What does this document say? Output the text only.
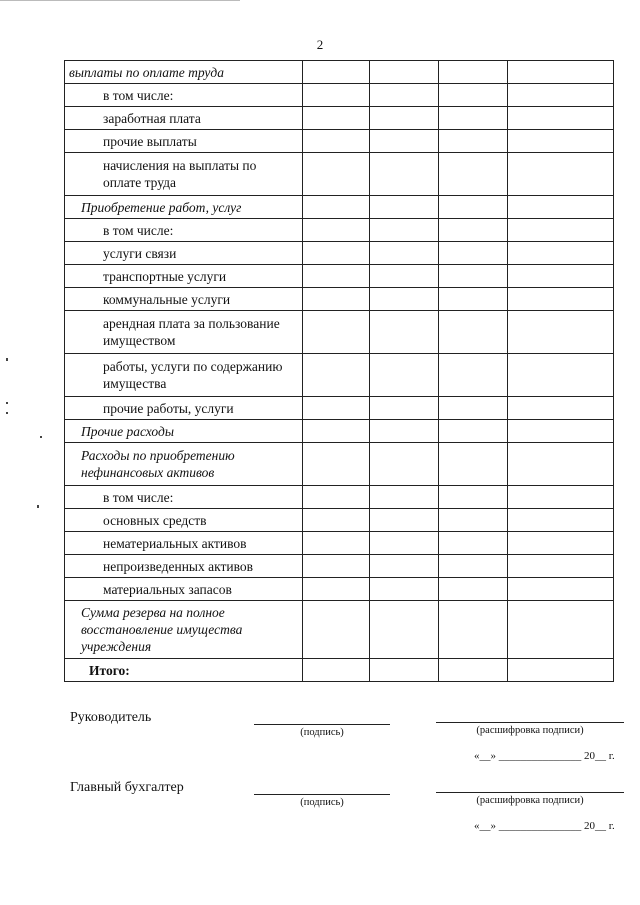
2
выплаты по оплате труда				
в том числе:				
заработная плата				
прочие выплаты				
начисления на выплаты по оплате труда				
Приобретение работ, услуг				
в том числе:				
услуги связи				
транспортные услуги				
коммунальные услуги				
арендная плата за пользование имуществом				
работы, услуги по содержанию имущества				
прочие работы, услуги				
Прочие расходы				
Расходы по приобретению нефинансовых активов				
в том числе:				
основных средств				
нематериальных активов				
непроизведенных активов				
материальных запасов				
Сумма резерва на полное восстановление имущества учреждения				
Итого:				
Руководитель
(подпись)	(расшифровка подписи)
«__» _______________ 20__ г.
Главный бухгалтер
(подпись)	(расшифровка подписи)
«__» _______________ 20__ г.
